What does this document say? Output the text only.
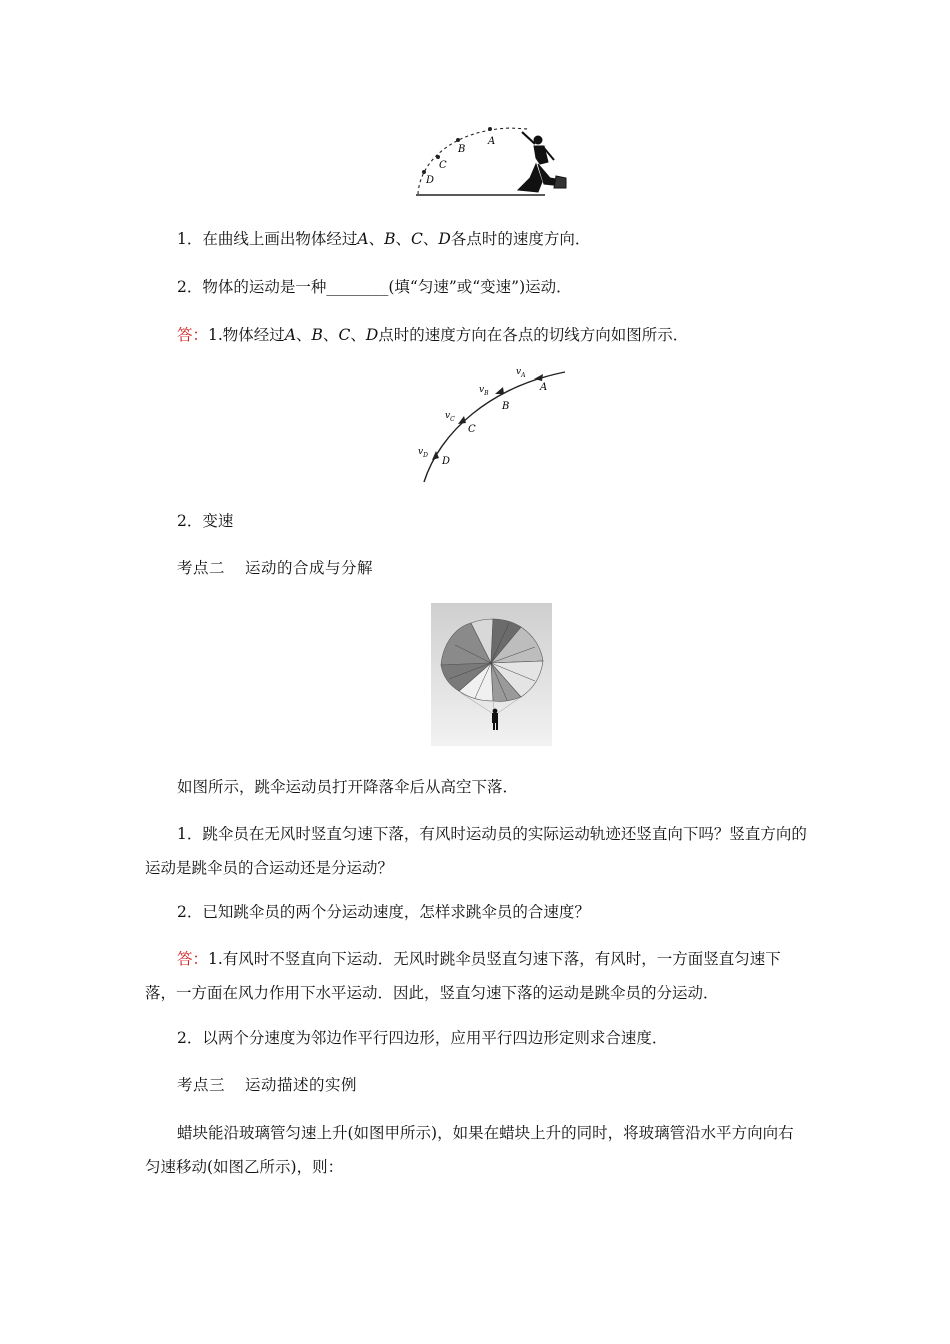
A
B
C
D

1．在曲线上画出物体经过A、B、C、D各点时的速度方向．

2．物体的运动是一种________(填“匀速”或“变速”)运动．

答：1.物体经过A、B、C、D点时的速度方向在各点的切线方向如图所示．

$v_A$
$v_B$
$v_C$
$v_D$
A
B
C
D

2．变速

考点二 运动的合成与分解

如图所示，跳伞运动员打开降落伞后从高空下落．

1．跳伞员在无风时竖直匀速下落，有风时运动员的实际运动轨迹还竖直向下吗？竖直方向的运动是跳伞员的合运动还是分运动？

2．已知跳伞员的两个分运动速度，怎样求跳伞员的合速度？

答：1.有风时不竖直向下运动．无风时跳伞员竖直匀速下落，有风时，一方面竖直匀速下落，一方面在风力作用下水平运动．因此，竖直匀速下落的运动是跳伞员的分运动．

2．以两个分速度为邻边作平行四边形，应用平行四边形定则求合速度．

考点三 运动描述的实例

蜡块能沿玻璃管匀速上升(如图甲所示)，如果在蜡块上升的同时，将玻璃管沿水平方向向右匀速移动(如图乙所示)，则：
